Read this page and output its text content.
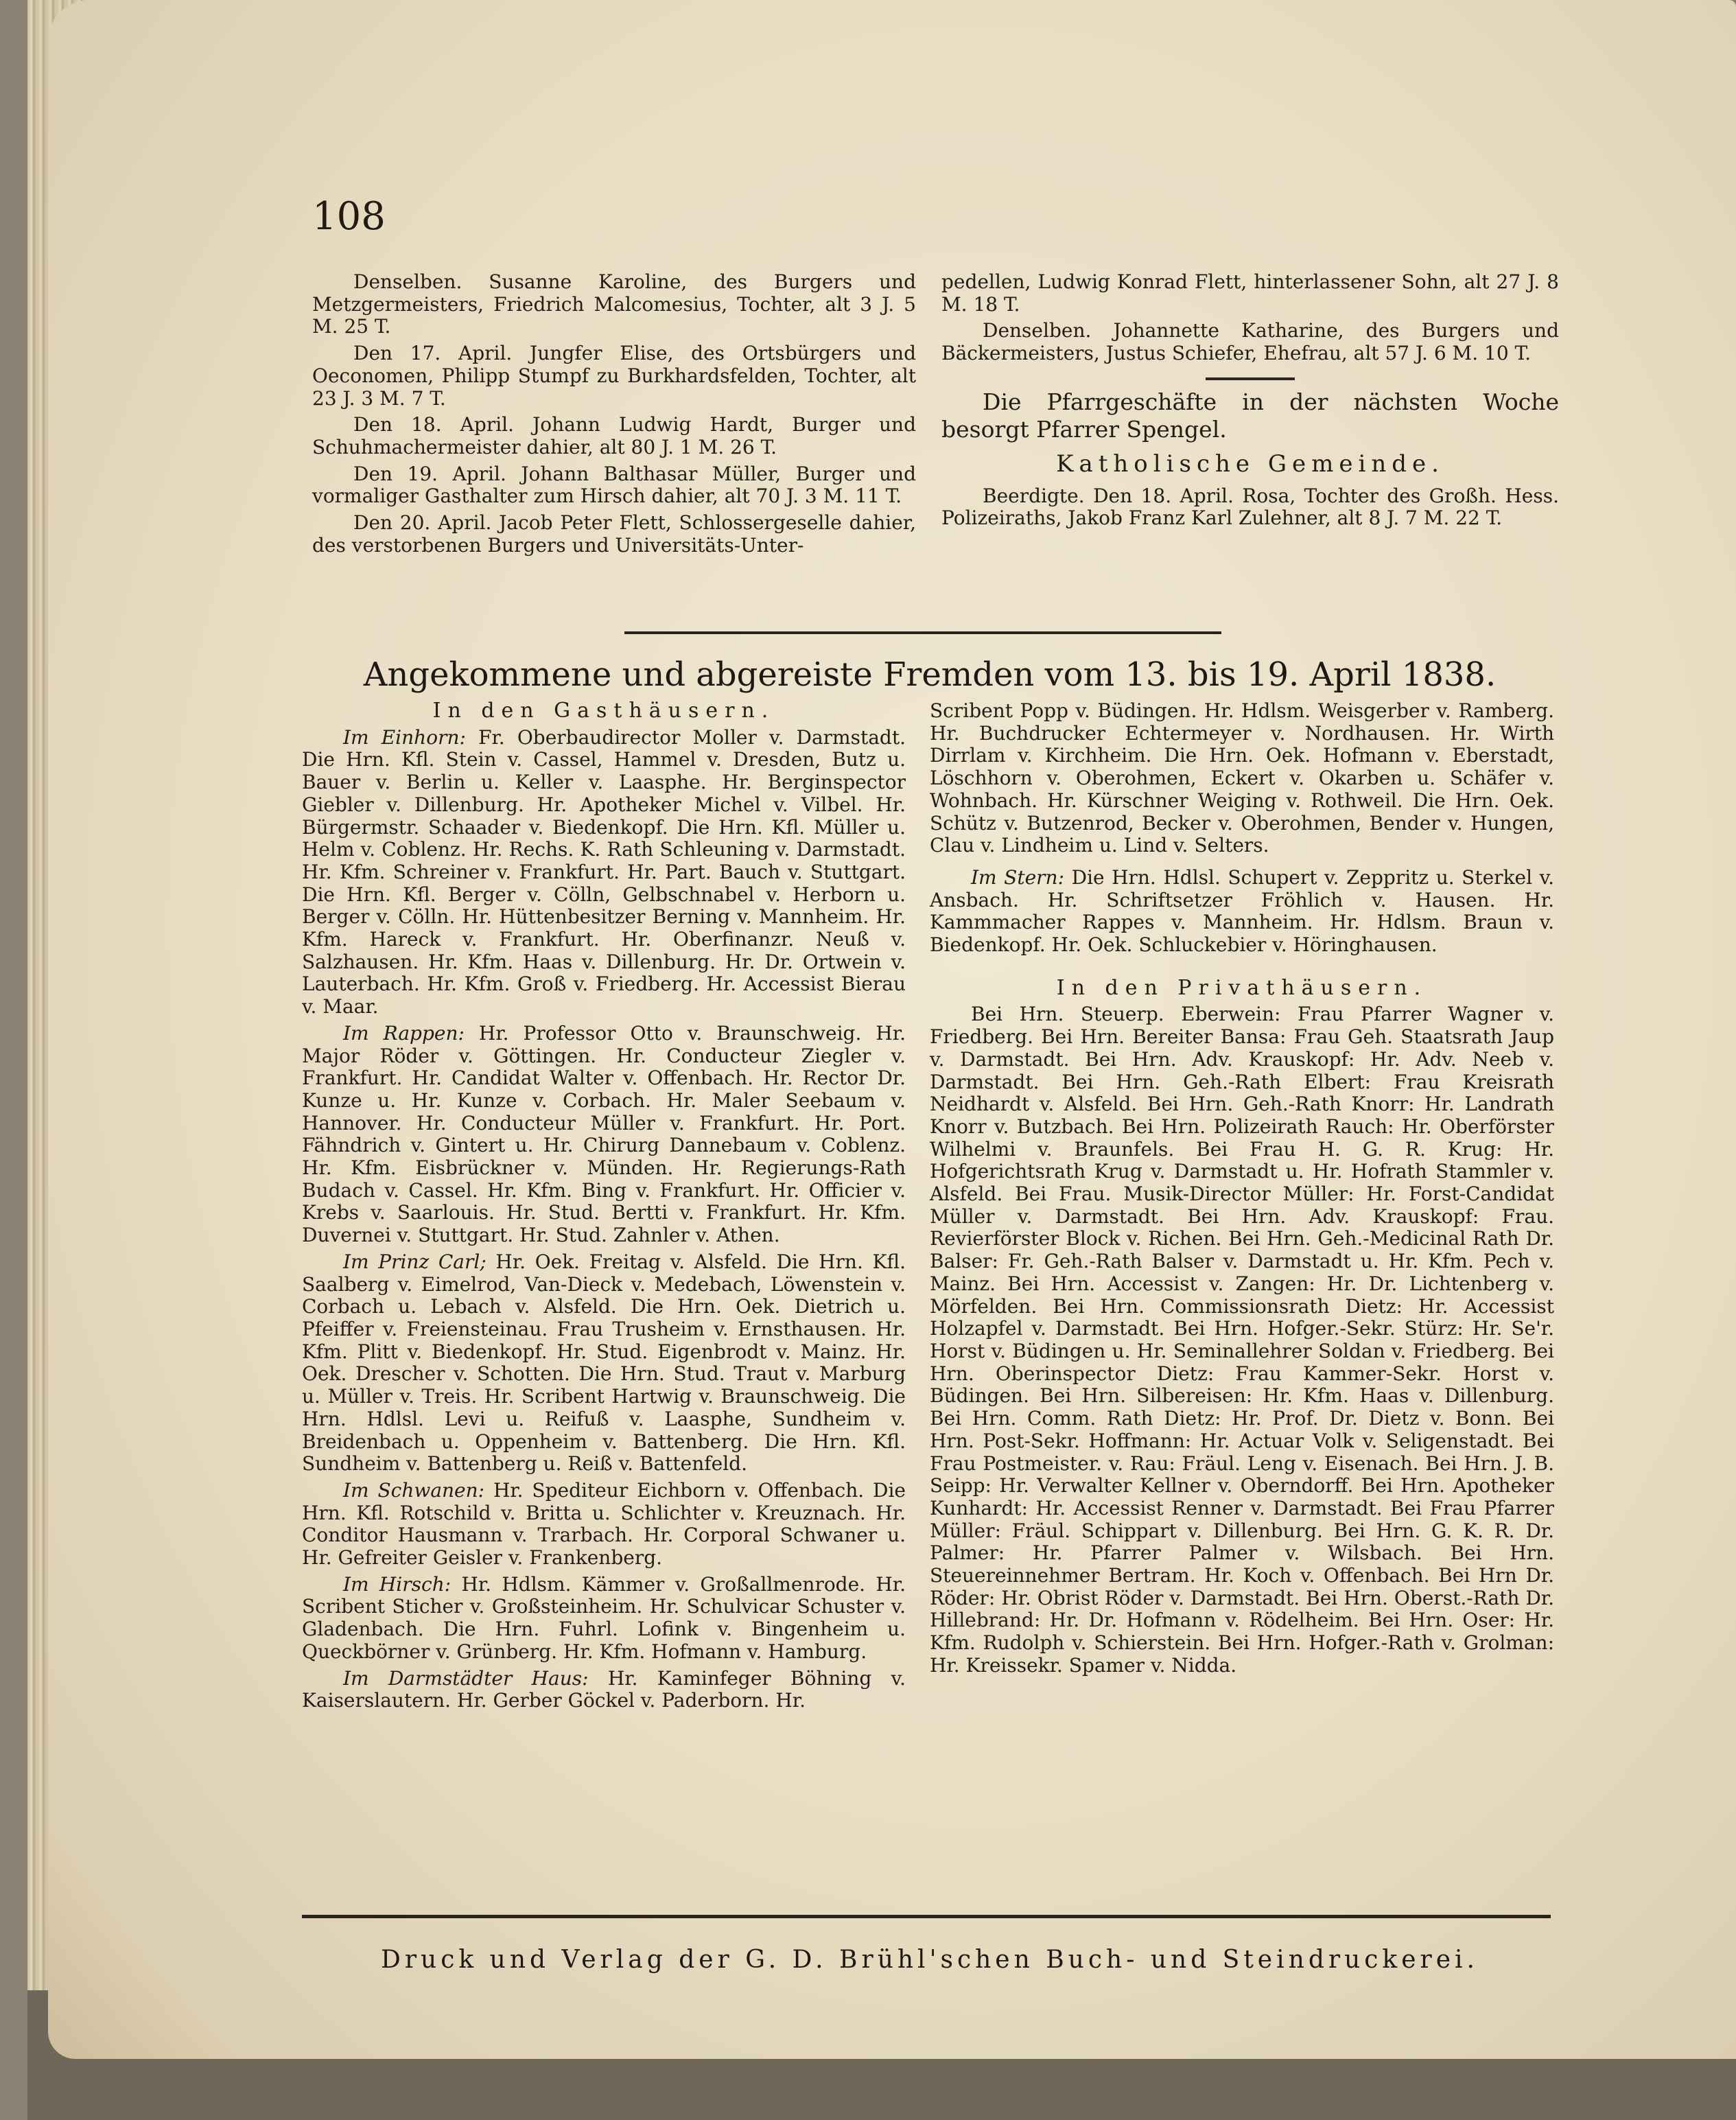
108

Denselben. Susanne Karoline, des Burgers und Metzgermeisters, Friedrich Malcomesius, Tochter, alt 3 J. 5 M. 25 T.

Den 17. April. Jungfer Elise, des Ortsbürgers und Oeconomen, Philipp Stumpf zu Burkhardsfelden, Tochter, alt 23 J. 3 M. 7 T.

Den 18. April. Johann Ludwig Hardt, Burger und Schuhmachermeister dahier, alt 80 J. 1 M. 26 T.

Den 19. April. Johann Balthasar Müller, Burger und vormaliger Gasthalter zum Hirsch dahier, alt 70 J. 3 M. 11 T.

Den 20. April. Jacob Peter Flett, Schlossergeselle dahier, des verstorbenen Burgers und Universitäts-Unter-

pedellen, Ludwig Konrad Flett, hinterlassener Sohn, alt 27 J. 8 M. 18 T.

Denselben. Johannette Katharine, des Burgers und Bäckermeisters, Justus Schiefer, Ehefrau, alt 57 J. 6 M. 10 T.

Die Pfarrgeschäfte in der nächsten Woche besorgt Pfarrer Spengel.

Katholische Gemeinde.

Beerdigte. Den 18. April. Rosa, Tochter des Großh. Hess. Polizeiraths, Jakob Franz Karl Zulehner, alt 8 J. 7 M. 22 T.

Angekommene und abgereiste Fremden vom 13. bis 19. April 1838.

In den Gasthäusern.

Im Einhorn: Fr. Oberbaudirector Moller v. Darmstadt. Die Hrn. Kfl. Stein v. Cassel, Hammel v. Dresden, Butz u. Bauer v. Berlin u. Keller v. Laasphe. Hr. Berginspector Giebler v. Dillenburg. Hr. Apotheker Michel v. Vilbel. Hr. Bürgermstr. Schaader v. Biedenkopf. Die Hrn. Kfl. Müller u. Helm v. Coblenz. Hr. Rechs. K. Rath Schleuning v. Darmstadt. Hr. Kfm. Schreiner v. Frankfurt. Hr. Part. Bauch v. Stuttgart. Die Hrn. Kfl. Berger v. Cölln, Gelbschnabel v. Herborn u. Berger v. Cölln. Hr. Hüttenbesitzer Berning v. Mannheim. Hr. Kfm. Hareck v. Frankfurt. Hr. Oberfinanzr. Neuß v. Salzhausen. Hr. Kfm. Haas v. Dillenburg. Hr. Dr. Ortwein v. Lauterbach. Hr. Kfm. Groß v. Friedberg. Hr. Accessist Bierau v. Maar.

Im Rappen: Hr. Professor Otto v. Braunschweig. Hr. Major Röder v. Göttingen. Hr. Conducteur Ziegler v. Frankfurt. Hr. Candidat Walter v. Offenbach. Hr. Rector Dr. Kunze u. Hr. Kunze v. Corbach. Hr. Maler Seebaum v. Hannover. Hr. Conducteur Müller v. Frankfurt. Hr. Port. Fähndrich v. Gintert u. Hr. Chirurg Dannebaum v. Coblenz. Hr. Kfm. Eisbrückner v. Münden. Hr. Regierungs-Rath Budach v. Cassel. Hr. Kfm. Bing v. Frankfurt. Hr. Officier v. Krebs v. Saarlouis. Hr. Stud. Bertti v. Frankfurt. Hr. Kfm. Duvernei v. Stuttgart. Hr. Stud. Zahnler v. Athen.

Im Prinz Carl; Hr. Oek. Freitag v. Alsfeld. Die Hrn. Kfl. Saalberg v. Eimelrod, Van-Dieck v. Medebach, Löwenstein v. Corbach u. Lebach v. Alsfeld. Die Hrn. Oek. Dietrich u. Pfeiffer v. Freiensteinau. Frau Trusheim v. Ernsthausen. Hr. Kfm. Plitt v. Biedenkopf. Hr. Stud. Eigenbrodt v. Mainz. Hr. Oek. Drescher v. Schotten. Die Hrn. Stud. Traut v. Marburg u. Müller v. Treis. Hr. Scribent Hartwig v. Braunschweig. Die Hrn. Hdlsl. Levi u. Reifuß v. Laasphe, Sundheim v. Breidenbach u. Oppenheim v. Battenberg. Die Hrn. Kfl. Sundheim v. Battenberg u. Reiß v. Battenfeld.

Im Schwanen: Hr. Spediteur Eichborn v. Offenbach. Die Hrn. Kfl. Rotschild v. Britta u. Schlichter v. Kreuznach. Hr. Conditor Hausmann v. Trarbach. Hr. Corporal Schwaner u. Hr. Gefreiter Geisler v. Frankenberg.

Im Hirsch: Hr. Hdlsm. Kämmer v. Großallmenrode. Hr. Scribent Sticher v. Großsteinheim. Hr. Schulvicar Schuster v. Gladenbach. Die Hrn. Fuhrl. Lofink v. Bingenheim u. Queckbörner v. Grünberg. Hr. Kfm. Hofmann v. Hamburg.

Im Darmstädter Haus: Hr. Kaminfeger Böhning v. Kaiserslautern. Hr. Gerber Göckel v. Paderborn. Hr.

Scribent Popp v. Büdingen. Hr. Hdlsm. Weisgerber v. Ramberg. Hr. Buchdrucker Echtermeyer v. Nordhausen. Hr. Wirth Dirrlam v. Kirchheim. Die Hrn. Oek. Hofmann v. Eberstadt, Löschhorn v. Oberohmen, Eckert v. Okarben u. Schäfer v. Wohnbach. Hr. Kürschner Weiging v. Rothweil. Die Hrn. Oek. Schütz v. Butzenrod, Becker v. Oberohmen, Bender v. Hungen, Clau v. Lindheim u. Lind v. Selters.

Im Stern: Die Hrn. Hdlsl. Schupert v. Zeppritz u. Sterkel v. Ansbach. Hr. Schriftsetzer Fröhlich v. Hausen. Hr. Kammmacher Rappes v. Mannheim. Hr. Hdlsm. Braun v. Biedenkopf. Hr. Oek. Schluckebier v. Höringhausen.

In den Privathäusern.

Bei Hrn. Steuerp. Eberwein: Frau Pfarrer Wagner v. Friedberg. Bei Hrn. Bereiter Bansa: Frau Geh. Staatsrath Jaup v. Darmstadt. Bei Hrn. Adv. Krauskopf: Hr. Adv. Neeb v. Darmstadt. Bei Hrn. Geh.-Rath Elbert: Frau Kreisrath Neidhardt v. Alsfeld. Bei Hrn. Geh.-Rath Knorr: Hr. Landrath Knorr v. Butzbach. Bei Hrn. Polizeirath Rauch: Hr. Oberförster Wilhelmi v. Braunfels. Bei Frau H. G. R. Krug: Hr. Hofgerichtsrath Krug v. Darmstadt u. Hr. Hofrath Stammler v. Alsfeld. Bei Frau. Musik-Director Müller: Hr. Forst-Candidat Müller v. Darmstadt. Bei Hrn. Adv. Krauskopf: Frau. Revierförster Block v. Richen. Bei Hrn. Geh.-Medicinal Rath Dr. Balser: Fr. Geh.-Rath Balser v. Darmstadt u. Hr. Kfm. Pech v. Mainz. Bei Hrn. Accessist v. Zangen: Hr. Dr. Lichtenberg v. Mörfelden. Bei Hrn. Commissionsrath Dietz: Hr. Accessist Holzapfel v. Darmstadt. Bei Hrn. Hofger.-Sekr. Stürz: Hr. Se'r. Horst v. Büdingen u. Hr. Seminallehrer Soldan v. Friedberg. Bei Hrn. Oberinspector Dietz: Frau Kammer-Sekr. Horst v. Büdingen. Bei Hrn. Silbereisen: Hr. Kfm. Haas v. Dillenburg. Bei Hrn. Comm. Rath Dietz: Hr. Prof. Dr. Dietz v. Bonn. Bei Hrn. Post-Sekr. Hoffmann: Hr. Actuar Volk v. Seligenstadt. Bei Frau Postmeister. v. Rau: Fräul. Leng v. Eisenach. Bei Hrn. J. B. Seipp: Hr. Verwalter Kellner v. Oberndorff. Bei Hrn. Apotheker Kunhardt: Hr. Accessist Renner v. Darmstadt. Bei Frau Pfarrer Müller: Fräul. Schippart v. Dillenburg. Bei Hrn. G. K. R. Dr. Palmer: Hr. Pfarrer Palmer v. Wilsbach. Bei Hrn. Steuereinnehmer Bertram. Hr. Koch v. Offenbach. Bei Hrn Dr. Röder: Hr. Obrist Röder v. Darmstadt. Bei Hrn. Oberst.-Rath Dr. Hillebrand: Hr. Dr. Hofmann v. Rödelheim. Bei Hrn. Oser: Hr. Kfm. Rudolph v. Schierstein. Bei Hrn. Hofger.-Rath v. Grolman: Hr. Kreissekr. Spamer v. Nidda.

Druck und Verlag der G. D. Brühl'schen Buch- und Steindruckerei.
